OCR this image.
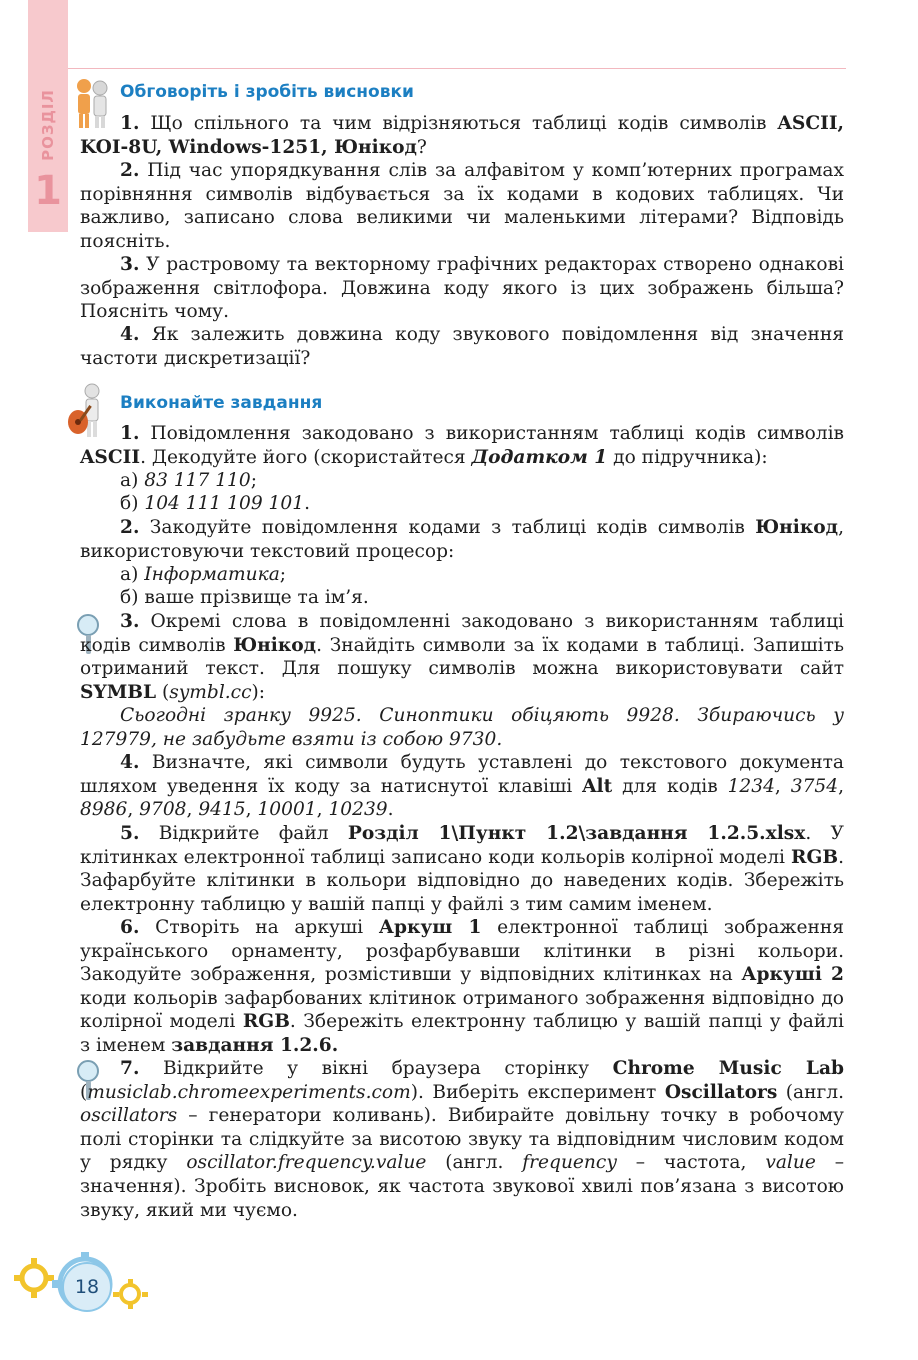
РОЗДІЛ
1
Обговоріть і зробіть висновки

1. Що спільного та чим відрізняються таблиці кодів символів ASCII, KOI-8U, Windows-1251, Юнікод?

2. Під час упорядкування слів за алфавітом у комп’ютерних програмах порівняння символів відбувається за їх кодами в кодових таблицях. Чи важливо, записано слова великими чи маленькими літерами? Відповідь поясніть.

3. У растровому та векторному графічних редакторах створено однакові зображення світлофора. Довжина коду якого із цих зображень більша? Поясніть чому.

4. Як залежить довжина коду звукового повідомлення від значення частоти дискретизації?

Виконайте завдання

1. Повідомлення закодовано з використанням таблиці кодів символів ASCII. Декодуйте його (скористайтеся Додатком 1 до підручника):

а) 83 117 110;

б) 104 111 109 101.

2. Закодуйте повідомлення кодами з таблиці кодів символів Юнікод, використовуючи текстовий процесор:

а) Інформатика;

б) ваше прізвище та ім’я.

3. Окремі слова в повідомленні закодовано з використанням таблиці кодів символів Юнікод. Знайдіть символи за їх кодами в таблиці. Запишіть отриманий текст. Для пошуку символів можна використовувати сайт SYMBL (symbl.cc):

Сьогодні зранку 9925. Синоптики обіцяють 9928. Збираючись у 127979, не забудьте взяти із собою 9730.

4. Визначте, які символи будуть уставлені до текстового документа шляхом уведення їх коду за натиснутої клавіші Alt для кодів 1234, 3754, 8986, 9708, 9415, 10001, 10239.

5. Відкрийте файл Розділ 1\Пункт 1.2\завдання 1.2.5.xlsx. У клітинках електронної таблиці записано коди кольорів колірної моделі RGB. Зафарбуйте клітинки в кольори відповідно до наведених кодів. Збережіть електронну таблицю у вашій папці у файлі з тим самим іменем.

6. Створіть на аркуші Аркуш 1 електронної таблиці зображення українського орнаменту, розфарбувавши клітинки в різні кольори. Закодуйте зображення, розмістивши у відповідних клітинках на Аркуші 2 коди кольорів зафарбованих клітинок отриманого зображення відповідно до колірної моделі RGB. Збережіть електронну таблицю у вашій папці у файлі з іменем завдання 1.2.6.

7. Відкрийте у вікні браузера сторінку Chrome Music Lab (musiclab.chromeexperiments.com). Виберіть експеримент Oscillators (англ. oscillators – генератори коливань). Вибирайте довільну точку в робочому полі сторінки та слідкуйте за висотою звуку та відповідним числовим кодом у рядку oscillator.frequency.value (англ. frequency – частота, value – значення). Зробіть висновок, як частота звукової хвилі пов’язана з висотою звуку, який ми чуємо.

18
